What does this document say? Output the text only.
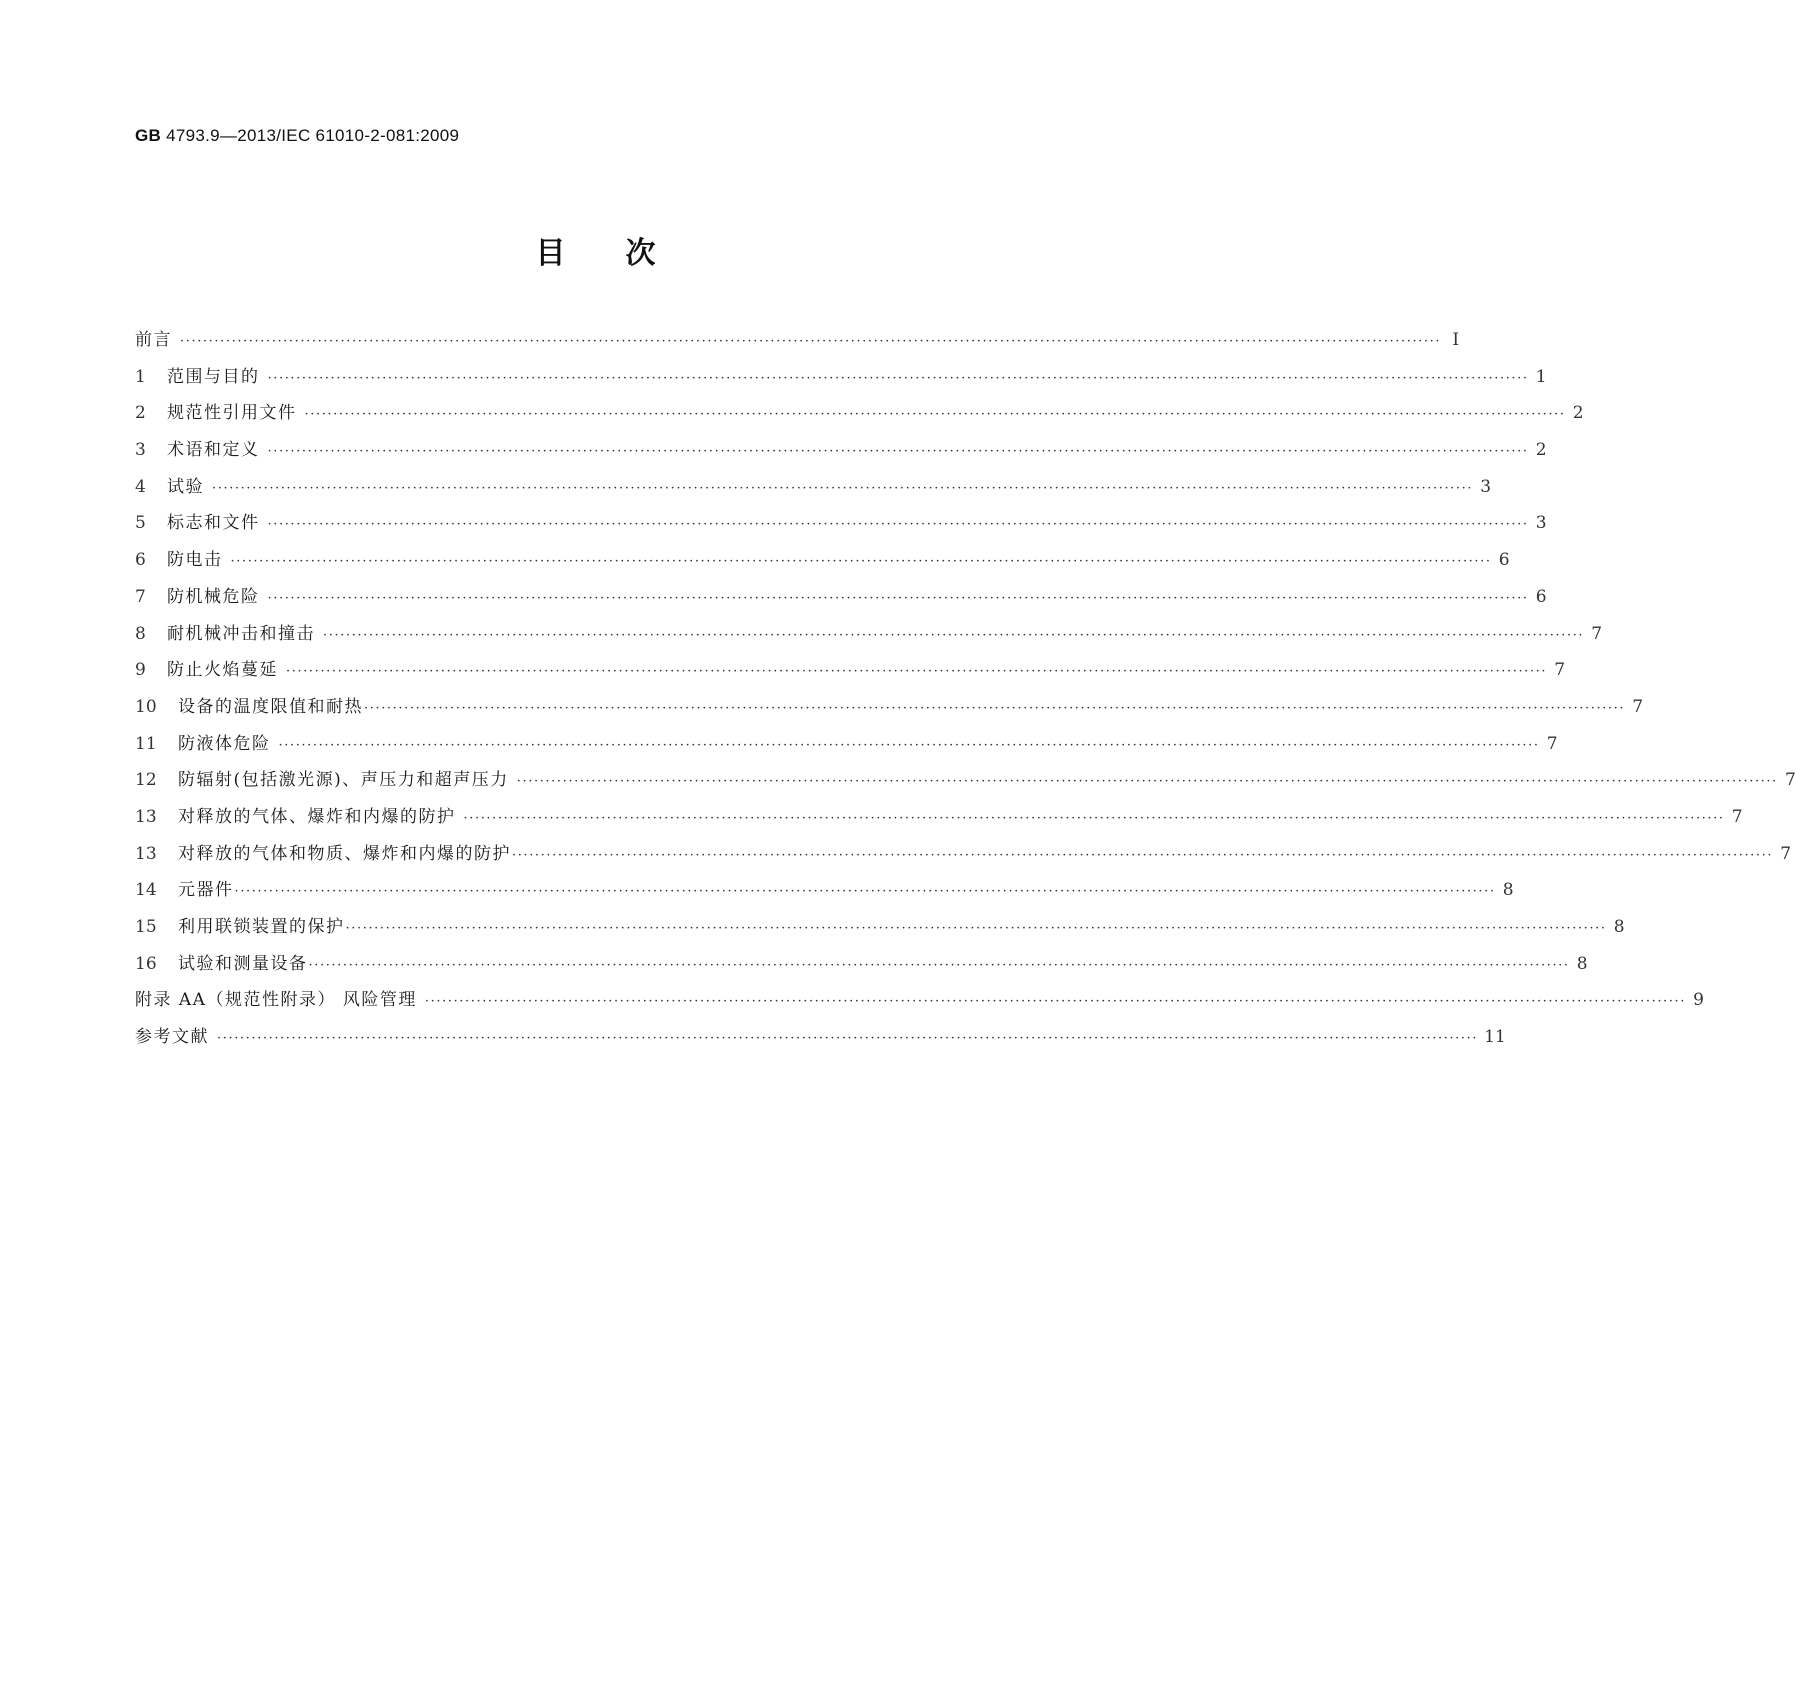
GB 4793.9—2013/IEC 61010-2-081:2009
目次
前言 ···························································································································································································································· Ⅰ
1	范围与目的 ···························································································································································································································· 1
2	规范性引用文件 ···························································································································································································································· 2
3	术语和定义 ···························································································································································································································· 2
4	试验 ···························································································································································································································· 3
5	标志和文件 ···························································································································································································································· 3
6	防电击 ···························································································································································································································· 6
7	防机械危险 ···························································································································································································································· 6
8	耐机械冲击和撞击 ···························································································································································································································· 7
9	防止火焰蔓延 ···························································································································································································································· 7
10	设备的温度限值和耐热 ···························································································································································································································· 7
11	防液体危险 ···························································································································································································································· 7
12	防辐射(包括激光源)、声压力和超声压力 ···························································································································································································································· 7
13	对释放的气体、爆炸和内爆的防护 ···························································································································································································································· 7
13	对释放的气体和物质、爆炸和内爆的防护 ···························································································································································································································· 7
14	元器件 ···························································································································································································································· 8
15	利用联锁装置的保护 ···························································································································································································································· 8
16	试验和测量设备 ···························································································································································································································· 8
附录 AA（规范性附录） 风险管理 ···························································································································································································································· 9
参考文献 ···························································································································································································································· 11
